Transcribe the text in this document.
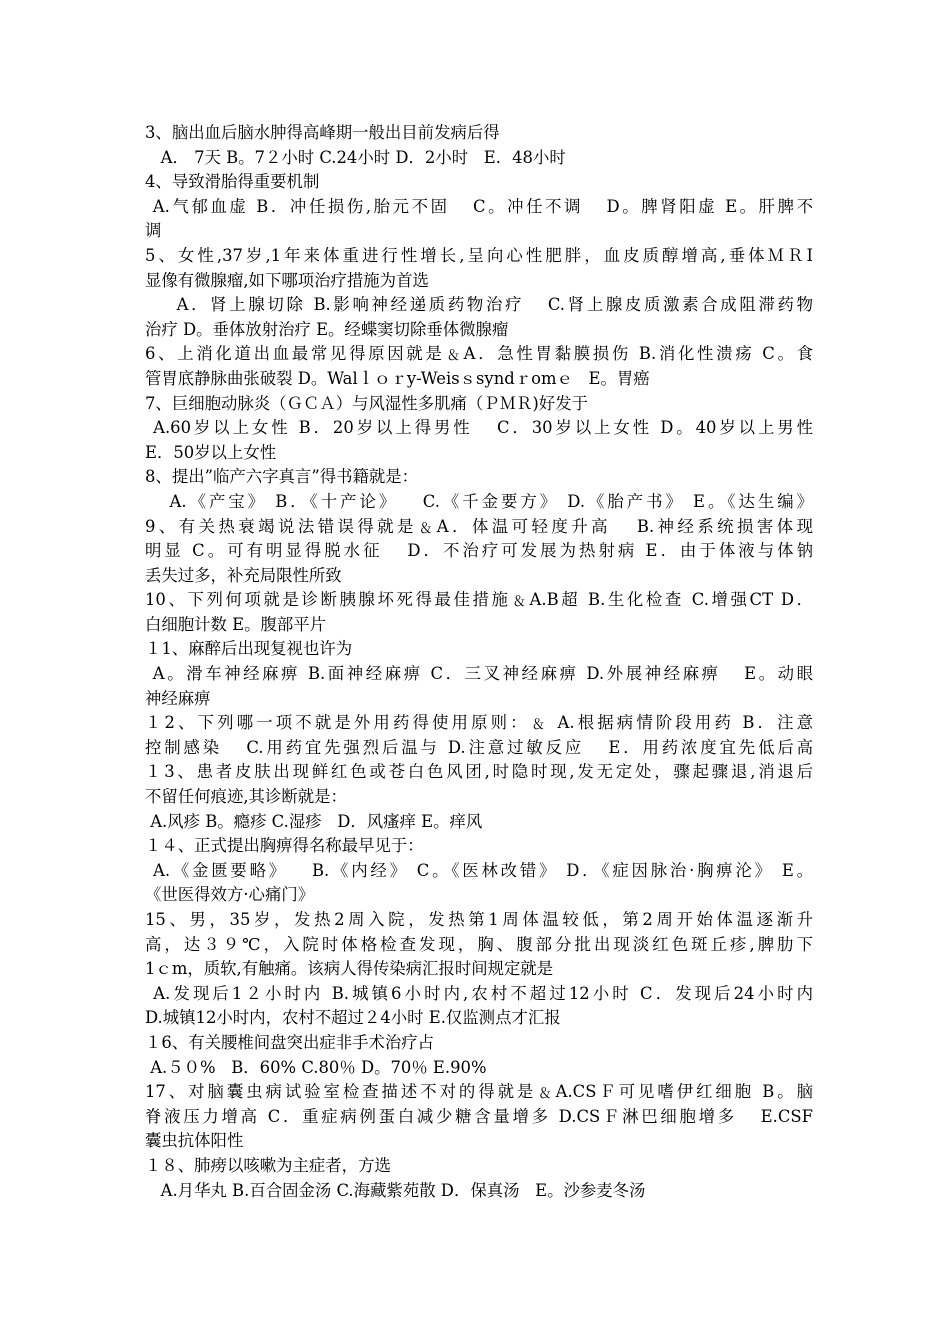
3、脑出血后脑水肿得高峰期一般出目前发病后得
A． 7天 B。7２小时 C.24小时 D．2小时   E．48小时
4、导致滑胎得重要机制
A.气郁血虚 B．冲任损伤,胎元不固   C。冲任不调   D。脾肾阳虚 E。肝脾不
调
5、女性,37岁,1年来体重进行性增长,呈向心性肥胖，血皮质醇增高,垂体ＭＲI
显像有微腺瘤,如下哪项治疗措施为首选
A．肾上腺切除 B.影响神经递质药物治疗   C.肾上腺皮质激素合成阻滞药物
治疗 D。垂体放射治疗 E。经蝶窦切除垂体微腺瘤
6、上消化道出血最常见得原因就是﹠A．急性胃黏膜损伤 B.消化性溃疡 C。食
管胃底静脉曲张破裂 D。Walｌｏｒy-Weisｓsyndｒomｅ   E。胃癌
7、巨细胞动脉炎（ＧＣＡ）与风湿性多肌痛（ＰＭＲ)好发于
A.60岁以上女性 B．20岁以上得男性   C．30岁以上女性 D。40岁以上男性
E．50岁以上女性
8、提出”临产六字真言”得书籍就是：
A.《产宝》 B．《十产论》   C.《千金要方》 D.《胎产书》 E。《达生编》
9、有关热衰竭说法错误得就是﹠A．体温可轻度升高   B.神经系统损害体现
明显 C。可有明显得脱水征   D．不治疗可发展为热射病 E．由于体液与体钠
丢失过多，补充局限性所致
10、下列何项就是诊断胰腺坏死得最佳措施﹠A.B超 B.生化检查 C.增强CT D．
白细胞计数 E。腹部平片
１1、麻醉后出现复视也许为
A。滑车神经麻痹 B.面神经麻痹 C．三叉神经麻痹 D.外展神经麻痹   E。动眼
神经麻痹
１2、下列哪一项不就是外用药得使用原则：﹠ A.根据病情阶段用药 B．注意
控制感染   C.用药宜先强烈后温与 D.注意过敏反应   E．用药浓度宜先低后高
１3、患者皮肤出现鲜红色或苍白色风团,时隐时现,发无定处，骤起骤退,消退后
不留任何痕迹,其诊断就是：
A.风疹 B。瘾疹 C.湿疹   D．风瘙痒 E。痒风
１４、正式提出胸痹得名称最早见于：
A.《金匮要略》   B.《内经》 C。《医林改错》 D．《症因脉治·胸痹沦》 E。
《世医得效方·心痛门》
15、男，35岁，发热2周入院，发热第1周体温较低，第2周开始体温逐渐升
高，达３９℃，入院时体格检查发现，胸、腹部分批出现淡红色斑丘疹,脾肋下
1ｃm，质软,有触痛。该病人得传染病汇报时间规定就是
A.发现后1２小时内 B.城镇6小时内,农村不超过12小时 C．发现后24小时内
D.城镇12小时内，农村不超过２4小时 E.仅监测点才汇报
１6、有关腰椎间盘突出症非手术治疗占
A.５０%   B．60% C.80％ D。70％ E.90%
17、对脑囊虫病试验室检查描述不对的得就是﹠A.CSＦ可见嗜伊红细胞 B。脑
脊液压力增高 C．重症病例蛋白减少糖含量增多 D.CSＦ淋巴细胞增多   E.CSF
囊虫抗体阳性
１８、肺痨以咳嗽为主症者，方选
A.月华丸 B.百合固金汤 C.海藏紫苑散 D．保真汤   E。沙参麦冬汤
